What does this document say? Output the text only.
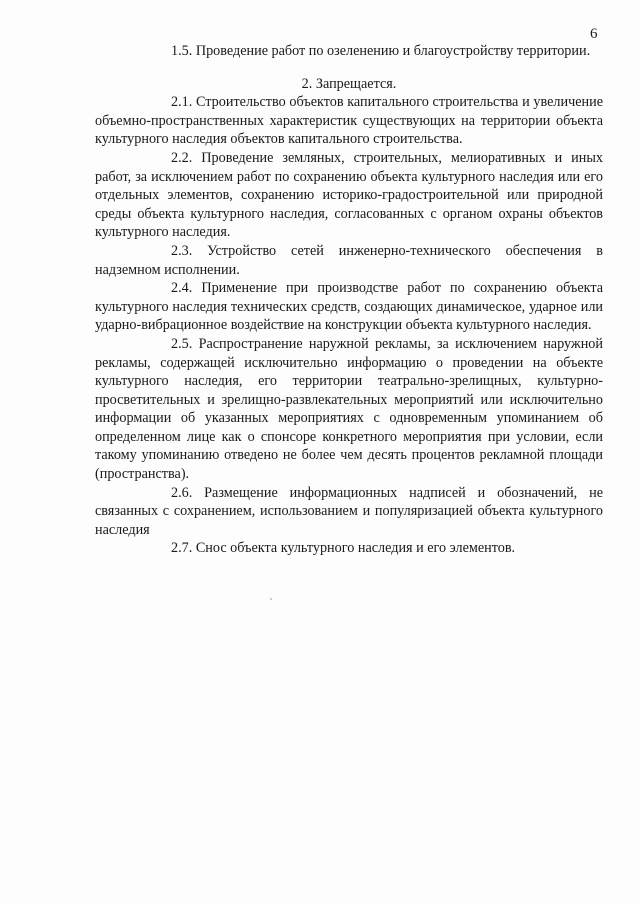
6

1.5. Проведение работ по озеленению и благоустройству территории.

2. Запрещается.

2.1. Строительство объектов капитального строительства и увеличение объемно-пространственных характеристик существующих на территории объекта культурного наследия объектов капитального строительства.

2.2. Проведение земляных, строительных, мелиоративных и иных работ, за исключением работ по сохранению объекта культурного наследия или его отдельных элементов, сохранению историко-градостроительной или природной среды объекта культурного наследия, согласованных с органом охраны объектов культурного наследия.

2.3. Устройство сетей инженерно-технического обеспечения в надземном исполнении.

2.4. Применение при производстве работ по сохранению объекта культурного наследия технических средств, создающих динамическое, ударное или ударно-вибрационное воздействие на конструкции объекта культурного наследия.

2.5. Распространение наружной рекламы, за исключением наружной рекламы, содержащей исключительно информацию о проведении на объекте культурного наследия, его территории театрально-зрелищных, культурно-просветительных и зрелищно-развлекательных мероприятий или исключительно информации об указанных мероприятиях с одновременным упоминанием об определенном лице как о спонсоре конкретного мероприятия при условии, если такому упоминанию отведено не более чем десять процентов рекламной площади (пространства).

2.6. Размещение информационных надписей и обозначений, не связанных с сохранением, использованием и популяризацией объекта культурного наследия

2.7. Снос объекта культурного наследия и его элементов.
